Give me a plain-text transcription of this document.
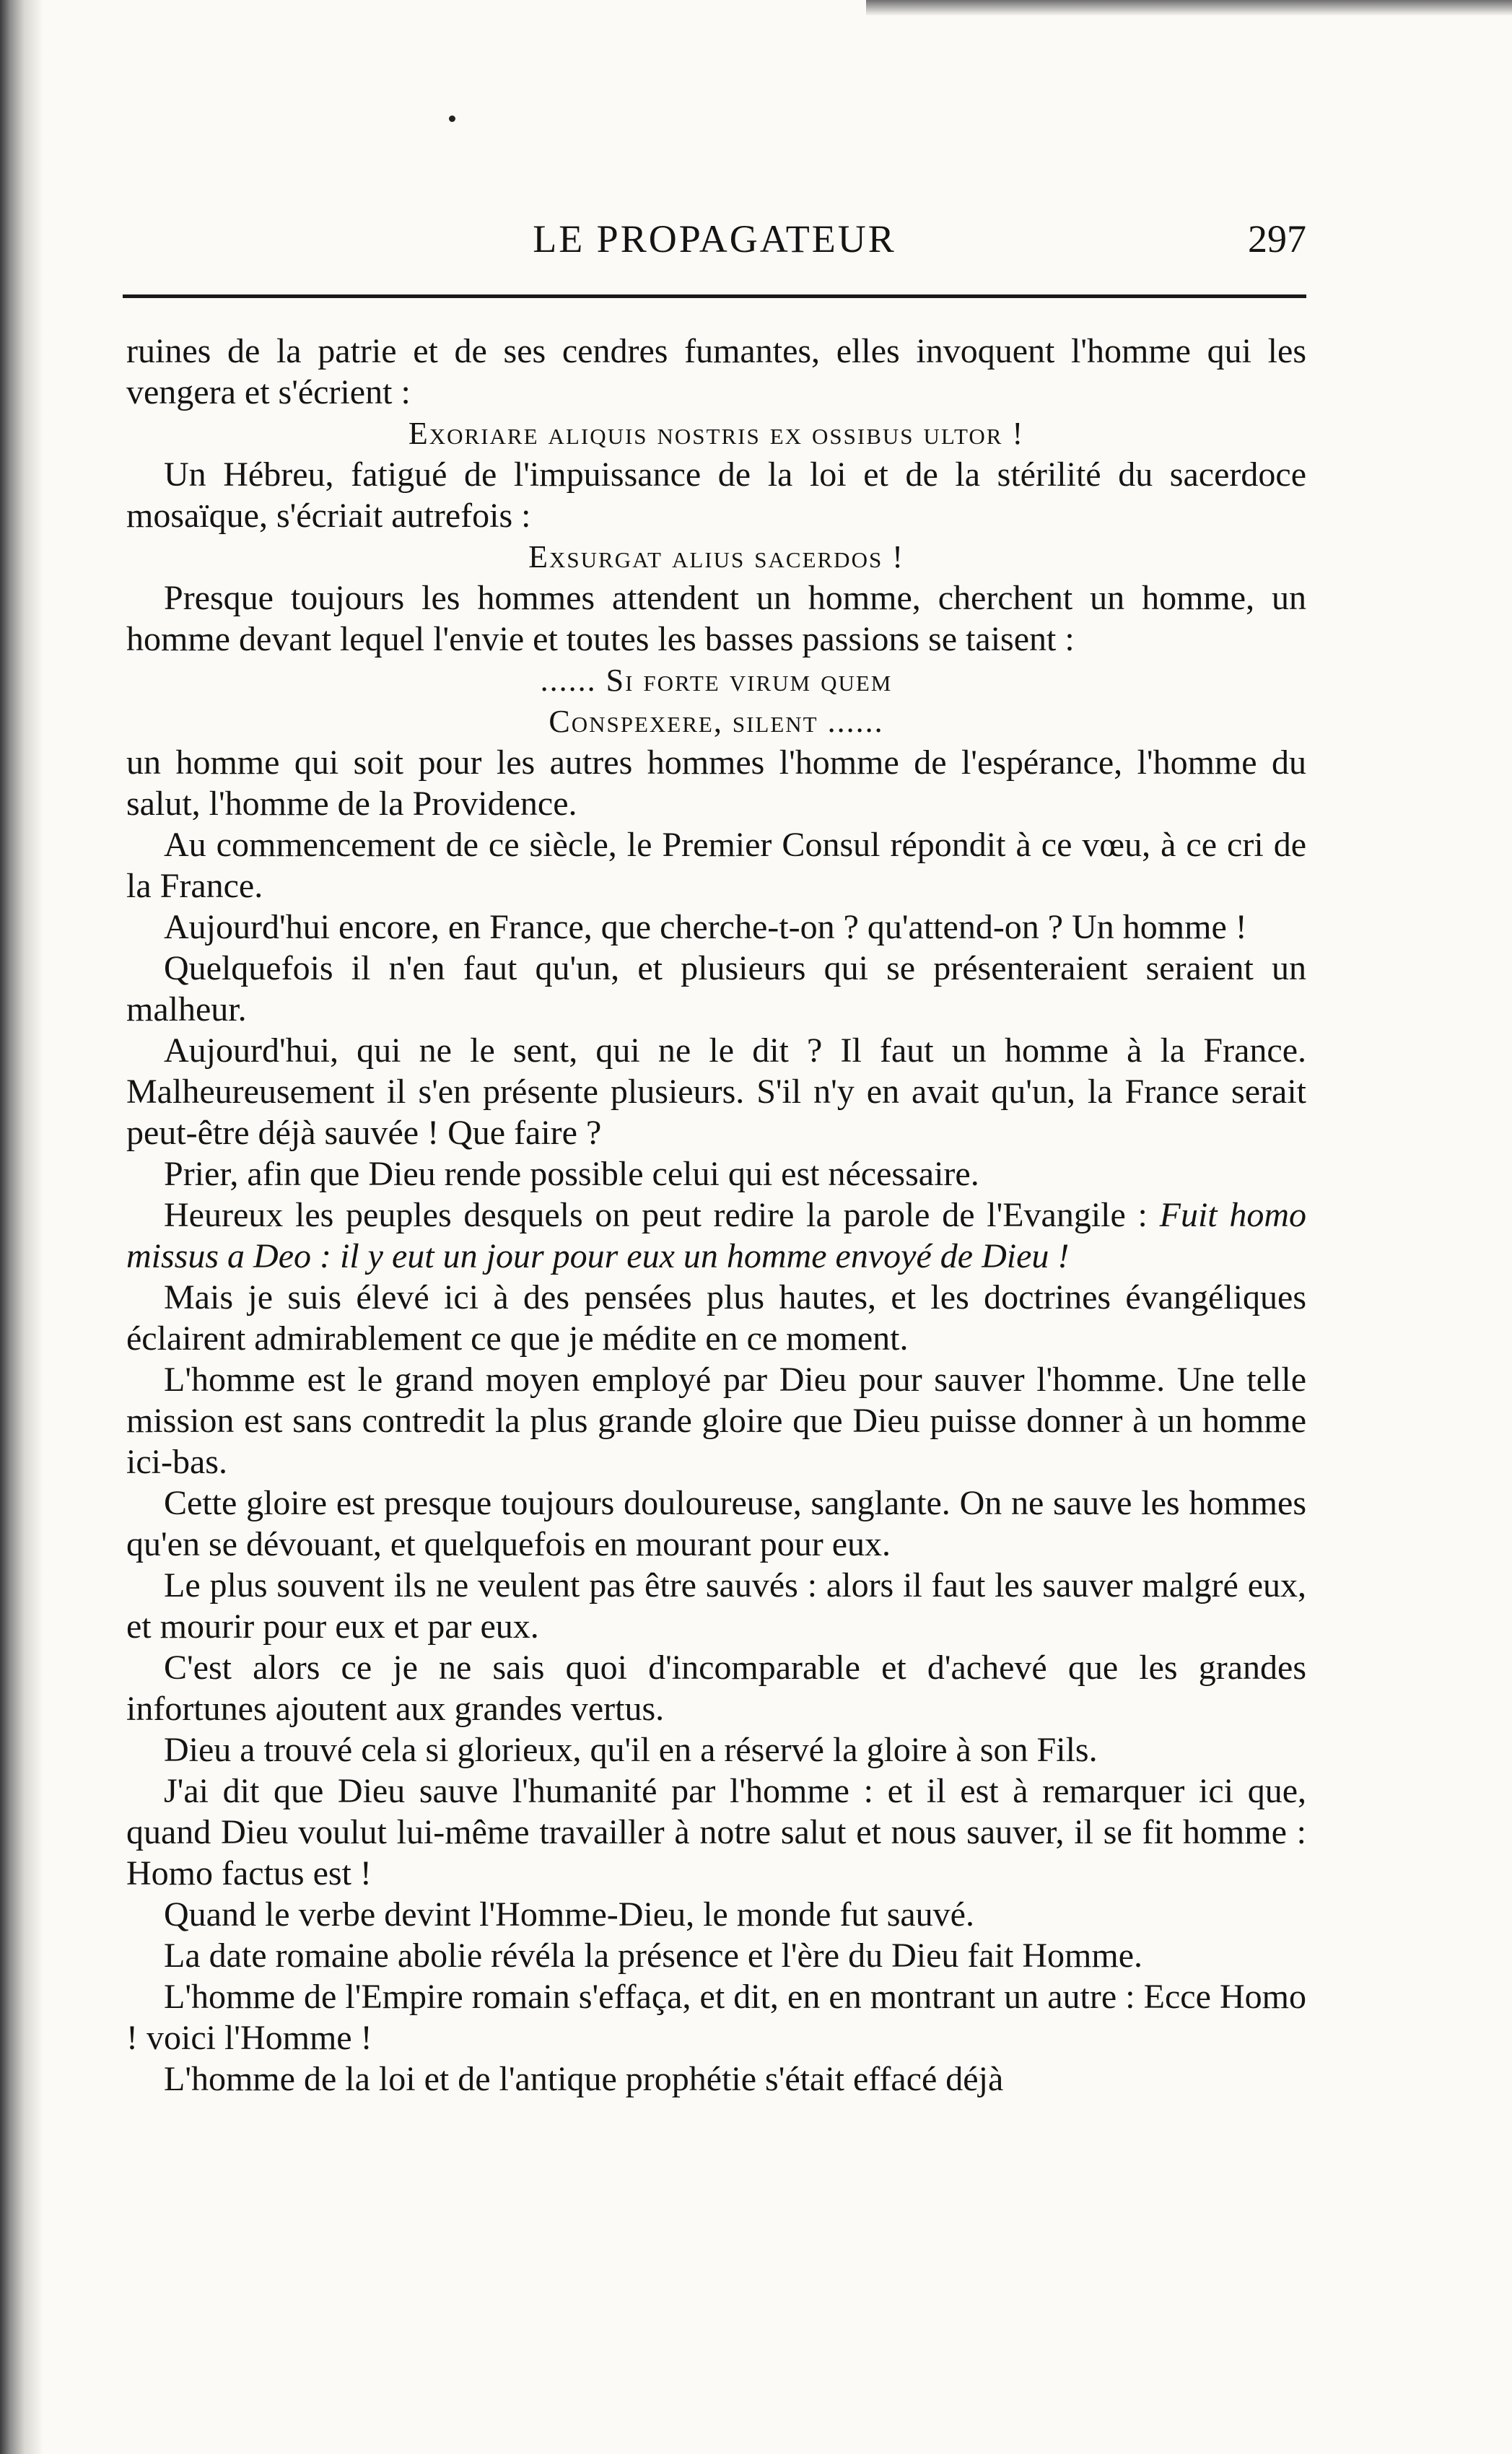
LE PROPAGATEUR	297

ruines de la patrie et de ses cendres fumantes, elles invoquent l'homme qui les vengera et s'écrient :

Exoriare aliquis nostris ex ossibus ultor !

Un Hébreu, fatigué de l'impuissance de la loi et de la stérilité du sacerdoce mosaïque, s'écriait autrefois :

Exsurgat alius sacerdos !

Presque toujours les hommes attendent un homme, cherchent un homme, un homme devant lequel l'envie et toutes les basses passions se taisent :

...... Si forte virum quem

Conspexere, silent ......

un homme qui soit pour les autres hommes l'homme de l'espérance, l'homme du salut, l'homme de la Providence.

Au commencement de ce siècle, le Premier Consul répondit à ce vœu, à ce cri de la France.

Aujourd'hui encore, en France, que cherche-t-on ? qu'attend-on ? Un homme !

Quelquefois il n'en faut qu'un, et plusieurs qui se présenteraient seraient un malheur.

Aujourd'hui, qui ne le sent, qui ne le dit ? Il faut un homme à la France. Malheureusement il s'en présente plusieurs. S'il n'y en avait qu'un, la France serait peut-être déjà sauvée ! Que faire ?

Prier, afin que Dieu rende possible celui qui est nécessaire.

Heureux les peuples desquels on peut redire la parole de l'Evangile : Fuit homo missus a Deo : il y eut un jour pour eux un homme envoyé de Dieu !

Mais je suis élevé ici à des pensées plus hautes, et les doctrines évangéliques éclairent admirablement ce que je médite en ce moment.

L'homme est le grand moyen employé par Dieu pour sauver l'homme. Une telle mission est sans contredit la plus grande gloire que Dieu puisse donner à un homme ici-bas.

Cette gloire est presque toujours douloureuse, sanglante. On ne sauve les hommes qu'en se dévouant, et quelquefois en mourant pour eux.

Le plus souvent ils ne veulent pas être sauvés : alors il faut les sauver malgré eux, et mourir pour eux et par eux.

C'est alors ce je ne sais quoi d'incomparable et d'achevé que les grandes infortunes ajoutent aux grandes vertus.

Dieu a trouvé cela si glorieux, qu'il en a réservé la gloire à son Fils.

J'ai dit que Dieu sauve l'humanité par l'homme : et il est à remarquer ici que, quand Dieu voulut lui-même travailler à notre salut et nous sauver, il se fit homme : Homo factus est !

Quand le verbe devint l'Homme-Dieu, le monde fut sauvé.

La date romaine abolie révéla la présence et l'ère du Dieu fait Homme.

L'homme de l'Empire romain s'effaça, et dit, en en montrant un autre : Ecce Homo ! voici l'Homme !

L'homme de la loi et de l'antique prophétie s'était effacé déjà
